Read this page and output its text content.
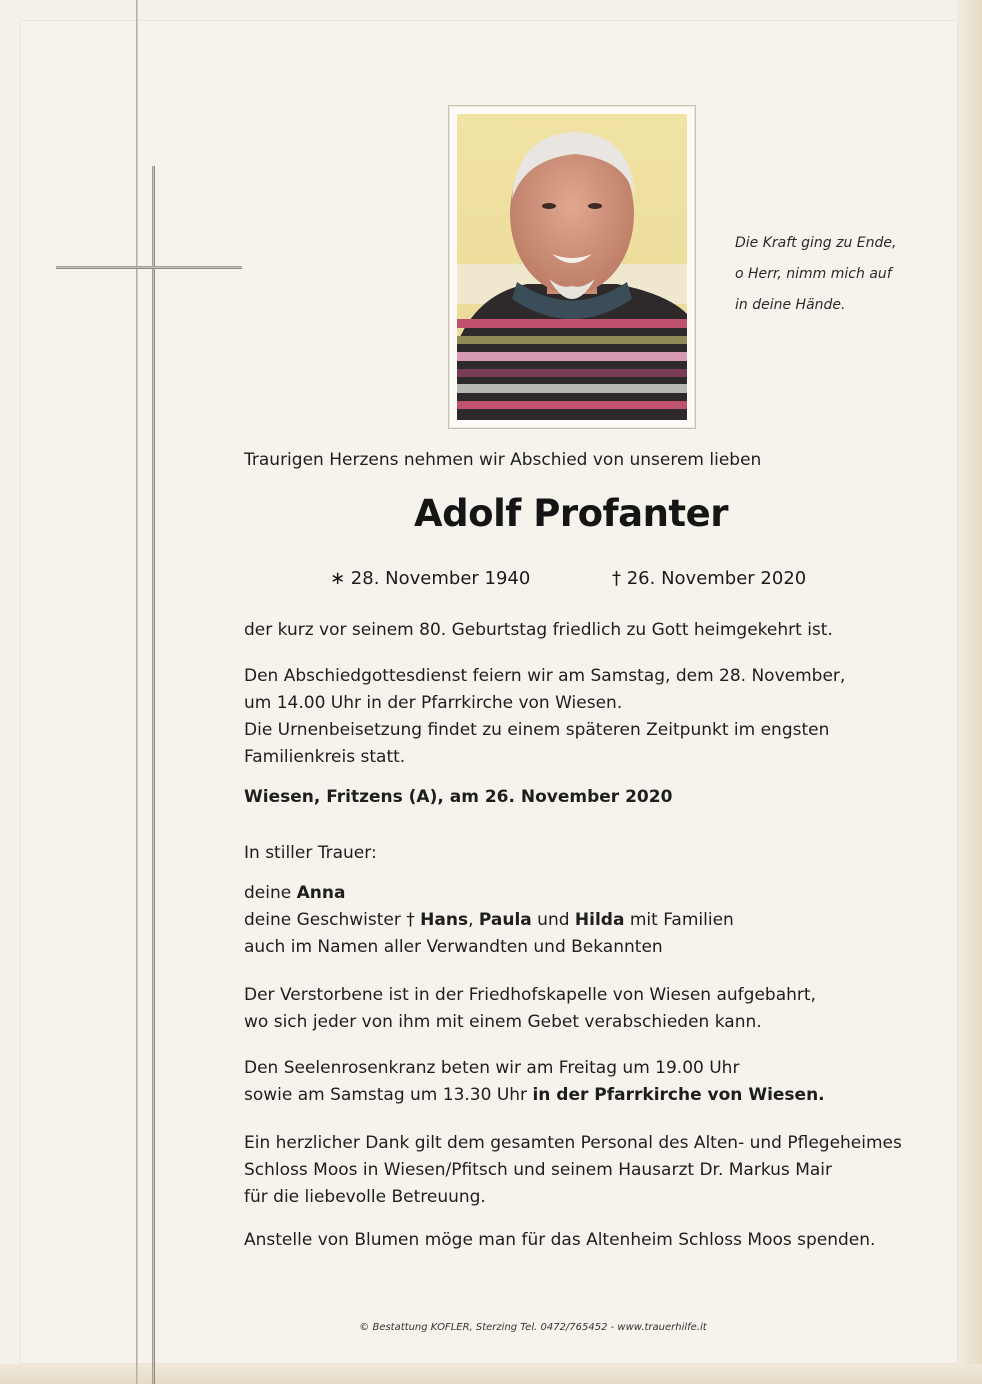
Die Kraft ging zu Ende,
o Herr, nimm mich auf
in deine Hände.
Traurigen Herzens nehmen wir Abschied von unserem lieben
Adolf Profanter
∗ 28. November 1940	† 26. November 2020
der kurz vor seinem 80. Geburtstag friedlich zu Gott heimgekehrt ist.
Den Abschiedgottesdienst feiern wir am Samstag, dem 28. November,
um 14.00 Uhr in der Pfarrkirche von Wiesen.
Die Urnenbeisetzung findet zu einem späteren Zeitpunkt im engsten
Familienkreis statt.
Wiesen, Fritzens (A), am 26. November 2020
In stiller Trauer:
deine Anna
deine Geschwister † Hans, Paula und Hilda mit Familien
auch im Namen aller Verwandten und Bekannten
Der Verstorbene ist in der Friedhofskapelle von Wiesen aufgebahrt,
wo sich jeder von ihm mit einem Gebet verabschieden kann.
Den Seelenrosenkranz beten wir am Freitag um 19.00 Uhr
sowie am Samstag um 13.30 Uhr in der Pfarrkirche von Wiesen.
Ein herzlicher Dank gilt dem gesamten Personal des Alten- und Pflegeheimes
Schloss Moos in Wiesen/Pfitsch und seinem Hausarzt Dr. Markus Mair
für die liebevolle Betreuung.
Anstelle von Blumen möge man für das Altenheim Schloss Moos spenden.
© Bestattung KOFLER, Sterzing Tel. 0472/765452 - www.trauerhilfe.it
